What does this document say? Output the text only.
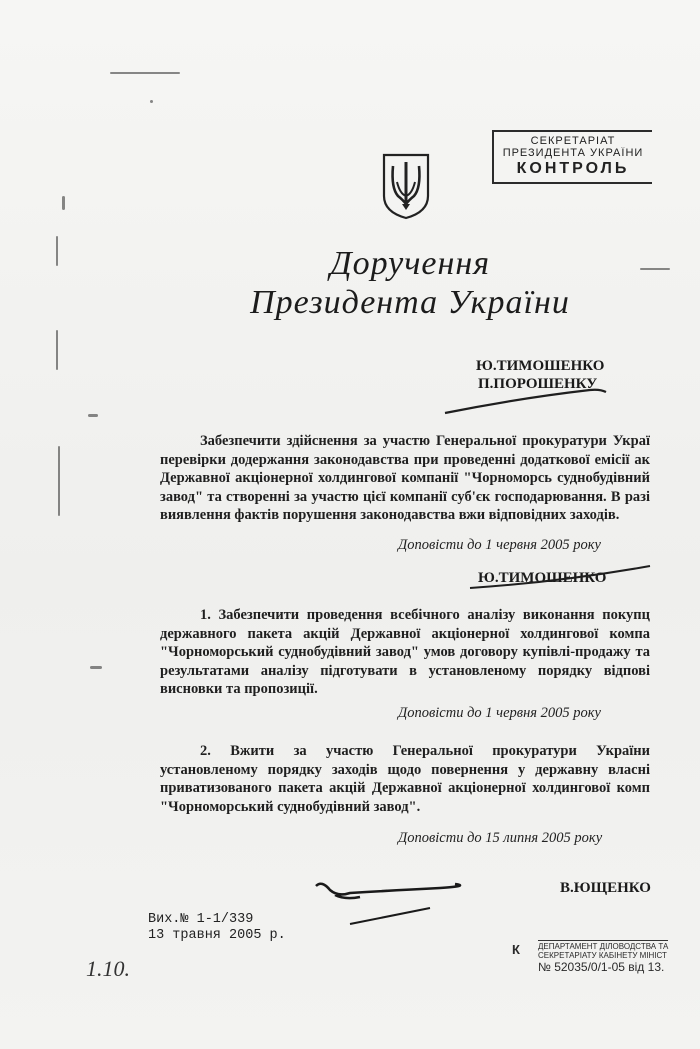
СЕКРЕТАРІАТ
ПРЕЗИДЕНТА УКРАЇНИ
КОНТРОЛЬ
Доручення
Президента України
Ю.ТИМОШЕНКО
П.ПОРОШЕНКУ
Забезпечити здійснення за участю Генеральної прокуратури Украї перевірки додержання законодавства при проведенні додаткової емісії ак Державної акціонерної холдингової компанії "Чорноморсь суднобудівний завод" та створенні за участю цієї компанії суб'єк господарювання. В разі виявлення фактів порушення законодавства вжи відповідних заходів.
Доповісти до 1 червня 2005 року
Ю.ТИМОШЕНКО
1. Забезпечити проведення всебічного аналізу виконання покупц державного пакета акцій Державної акціонерної холдингової компа "Чорноморський суднобудівний завод" умов договору купівлі-продажу та результатами аналізу підготувати в установленому порядку відпові висновки та пропозиції.
Доповісти до 1 червня 2005 року
2. Вжити за участю Генеральної прокуратури України установленому порядку заходів щодо повернення у державну власні приватизованого пакета акцій Державної акціонерної холдингової комп "Чорноморський суднобудівний завод".
Доповісти до 15 липня 2005 року
В.ЮЩЕНКО
Вих.№ 1-1/339
13 травня 2005 р.
1.10.
К ДЕПАРТАМЕНТ ДІЛОВОДСТВА ТА
СЕКРЕТАРІАТУ КАБІНЕТУ МІНІСТ
№ 52035/0/1-05 від 13.
